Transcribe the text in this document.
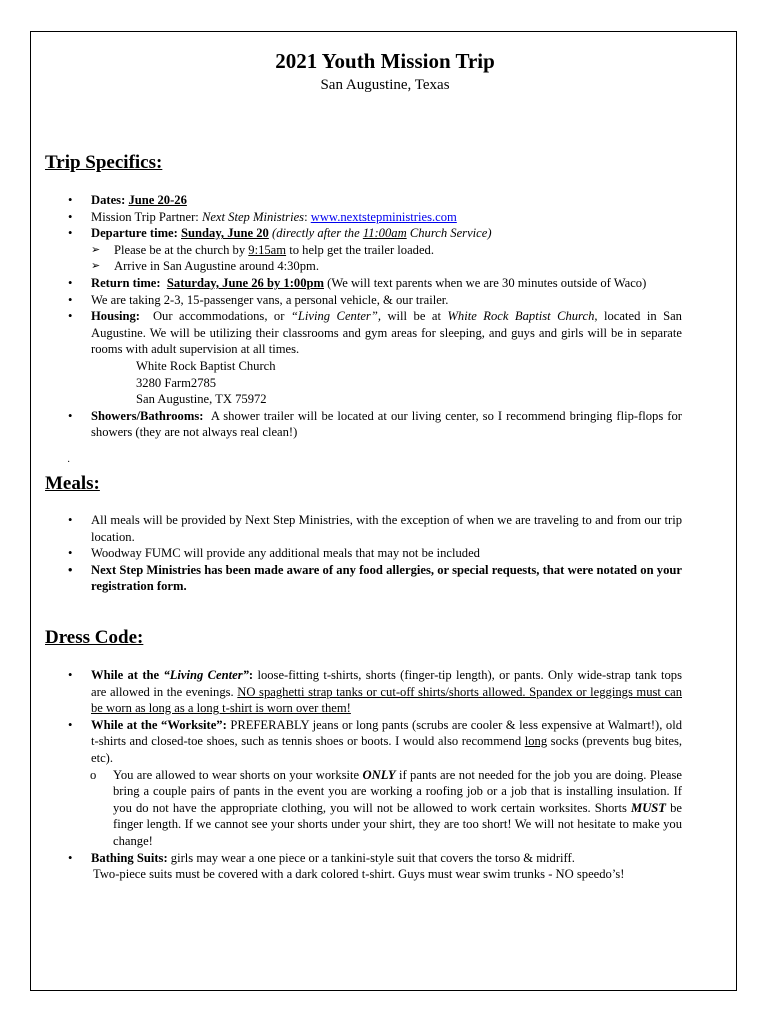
2021 Youth Mission Trip
San Augustine, Texas
Trip Specifics:
• Dates: June 20-26
• Mission Trip Partner: Next Step Ministries: www.nextstepministries.com
• Departure time: Sunday, June 20 (directly after the 11:00am Church Service)
➢ Please be at the church by 9:15am to help get the trailer loaded.
➢ Arrive in San Augustine around 4:30pm.
• Return time: Saturday, June 26 by 1:00pm (We will text parents when we are 30 minutes outside of Waco)
• We are taking 2-3, 15-passenger vans, a personal vehicle, & our trailer.
• Housing: Our accommodations, or “Living Center”, will be at White Rock Baptist Church, located in San Augustine. We will be utilizing their classrooms and gym areas for sleeping, and guys and girls will be in separate rooms with adult supervision at all times.
White Rock Baptist Church
3280 Farm2785
San Augustine, TX 75972
• Showers/Bathrooms: A shower trailer will be located at our living center, so I recommend bringing flip-flops for showers (they are not always real clean!)
·
Meals:
• All meals will be provided by Next Step Ministries, with the exception of when we are traveling to and from our trip location.
• Woodway FUMC will provide any additional meals that may not be included
• Next Step Ministries has been made aware of any food allergies, or special requests, that were notated on your registration form.
Dress Code:
• While at the “Living Center”: loose-fitting t-shirts, shorts (finger-tip length), or pants. Only wide-strap tank tops are allowed in the evenings. NO spaghetti strap tanks or cut-off shirts/shorts allowed. Spandex or leggings must can be worn as long as a long t-shirt is worn over them!
• While at the “Worksite”: PREFERABLY jeans or long pants (scrubs are cooler & less expensive at Walmart!), old t-shirts and closed-toe shoes, such as tennis shoes or boots. I would also recommend long socks (prevents bug bites, etc).
o You are allowed to wear shorts on your worksite ONLY if pants are not needed for the job you are doing. Please bring a couple pairs of pants in the event you are working a roofing job or a job that is installing insulation. If you do not have the appropriate clothing, you will not be allowed to work certain worksites. Shorts MUST be finger length. If we cannot see your shorts under your shirt, they are too short! We will not hesitate to make you change!
• Bathing Suits: girls may wear a one piece or a tankini-style suit that covers the torso & midriff.
Two-piece suits must be covered with a dark colored t-shirt. Guys must wear swim trunks - NO speedo’s!
